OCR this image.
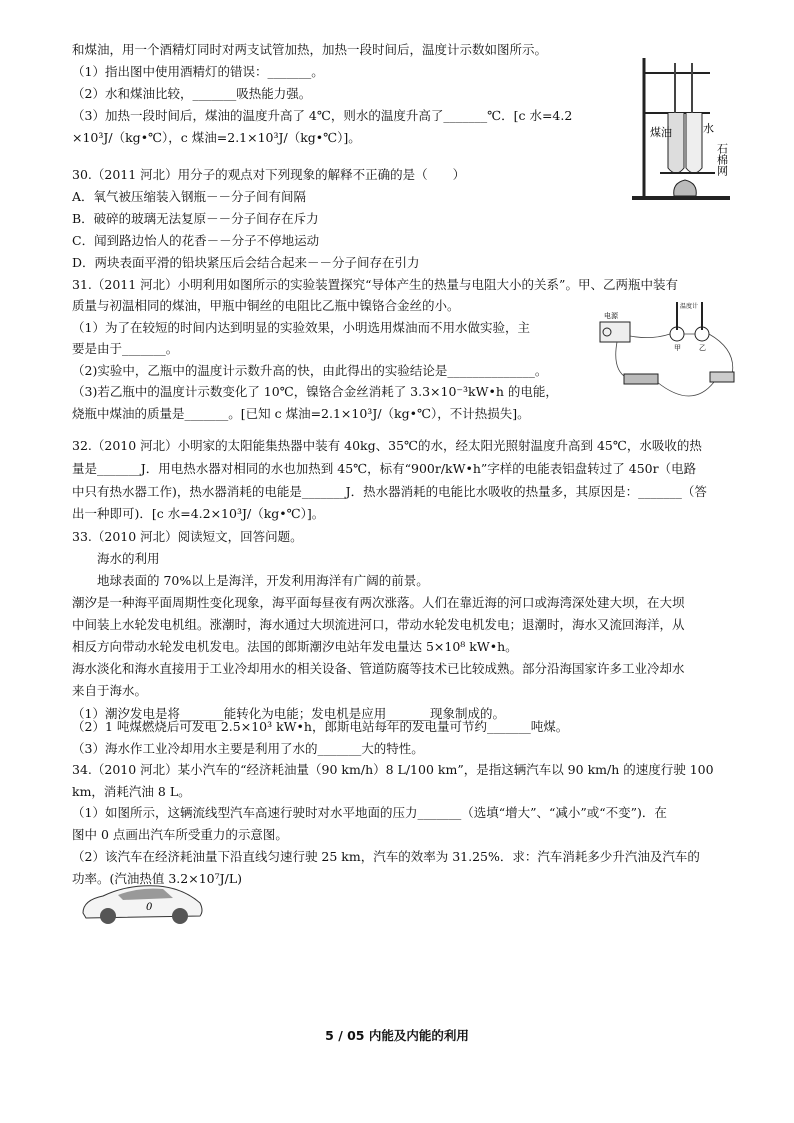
和煤油，用一个酒精灯同时对两支试管加热，加热一段时间后，温度计示数如图所示。
（1）指出图中使用酒精灯的错误：_______。
（2）水和煤油比较，_______吸热能力强。
（3）加热一段时间后，煤油的温度升高了 4℃，则水的温度升高了_______℃．[c 水=4.2
×10³J/（kg•℃），c 煤油=2.1×10³J/（kg•℃）]。
30.（2011 河北）用分子的观点对下列现象的解释不正确的是（　　）
A．氧气被压缩装入钢瓶－－分子间有间隔
B．破碎的玻璃无法复原－－分子间存在斥力
C．闻到路边怡人的花香－－分子不停地运动
D．两块表面平滑的铅块紧压后会结合起来－－分子间存在引力
31.（2011 河北）小明利用如图所示的实验装置探究“导体产生的热量与电阻大小的关系”。甲、乙两瓶中装有
质量与初温相同的煤油，甲瓶中铜丝的电阻比乙瓶中镍铬合金丝的小。
（1）为了在较短的时间内达到明显的实验效果，小明选用煤油而不用水做实验，主
要是由于_______。
（2)实验中，乙瓶中的温度计示数升高的快，由此得出的实验结论是______________。
（3)若乙瓶中的温度计示数变化了 10℃，镍铬合金丝消耗了 3.3×10⁻³kW•h 的电能，
烧瓶中煤油的质量是_______。[已知 c 煤油=2.1×10³J/（kg•℃），不计热损失]。
32.（2010 河北）小明家的太阳能集热器中装有 40kg、35℃的水，经太阳光照射温度升高到 45℃，水吸收的热
量是_______J．用电热水器对相同的水也加热到 45℃，标有“900r/kW•h”字样的电能表铝盘转过了 450r（电路
中只有热水器工作)，热水器消耗的电能是_______J．热水器消耗的电能比水吸收的热量多，其原因是：_______（答
出一种即可)．[c 水=4.2×10³J/（kg•℃）]。
33.（2010 河北）阅读短文，回答问题。
　　海水的利用
　　地球表面的 70%以上是海洋，开发利用海洋有广阔的前景。
潮汐是一种海平面周期性变化现象，海平面每昼夜有两次涨落。人们在靠近海的河口或海湾深处建大坝，在大坝
中间装上水轮发电机组。涨潮时，海水通过大坝流进河口，带动水轮发电机发电；退潮时，海水又流回海洋，从
相反方向带动水轮发电机发电。法国的郎斯潮汐电站年发电量达 5×10⁸ kW•h。
海水淡化和海水直接用于工业冷却用水的相关设备、管道防腐等技术已比较成熟。部分沿海国家许多工业冷却水
来自于海水。
（1）潮汐发电是将_______能转化为电能；发电机是应用_______现象制成的。
（2）1 吨煤燃烧后可发电 2.5×10³ kW•h，郎斯电站每年的发电量可节约_______吨煤。
（3）海水作工业冷却用水主要是利用了水的_______大的特性。
34.（2010 河北）某小汽车的“经济耗油量（90 km/h）8 L/100 km”，是指这辆汽车以 90 km/h 的速度行驶 100
km，消耗汽油 8 L。
（1）如图所示，这辆流线型汽车高速行驶时对水平地面的压力_______（选填“增大”、“减小”或“不变”)．在
图中 0 点画出汽车所受重力的示意图。
（2）该汽车在经济耗油量下沿直线匀速行驶 25 km，汽车的效率为 31.25%．求：汽车消耗多少升汽油及汽车的
功率。(汽油热值 3.2×10⁷J/L)
煤油	水
石棉网
电源
温度计
甲	乙
0
5 / 05 内能及内能的利用
